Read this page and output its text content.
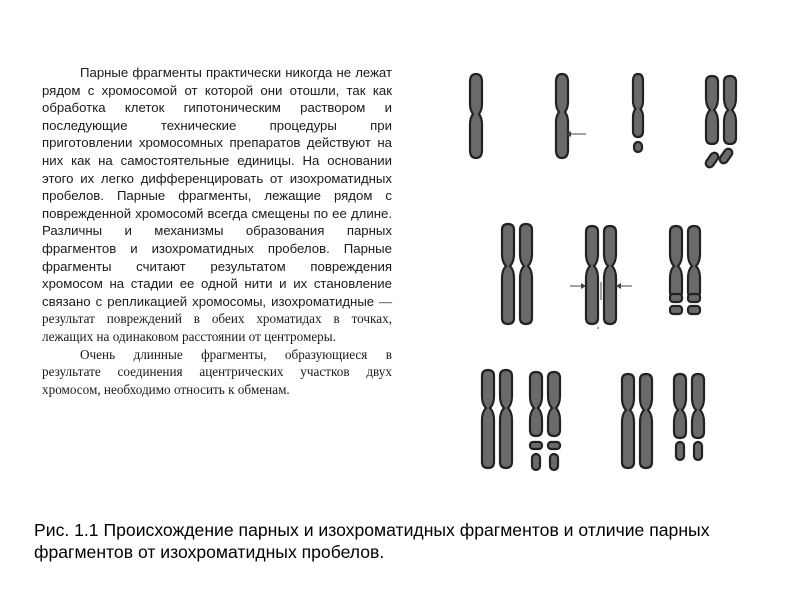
Парные фрагменты практически никогда не лежат рядом с хромосомой от которой они отошли, так как обработка клеток гипотоническим раствором и последующие технические процедуры при приготовлении хромосомных препаратов действуют на них как на самостоятельные единицы. На основании этого их легко дифференцировать от изохроматидных пробелов. Парные фрагменты, лежащие рядом с поврежденной хромосомй всегда смещены по ее длине. Различны и механизмы образования парных фрагментов и изохроматидных пробелов. Парные фрагменты считают результатом повреждения хромосом на стадии ее одной нити и их становление связано с репликацией хромосомы, изохроматидные — результат повреждений в обеих хроматидах в точках, лежащих на одинаковом расстоянии от центромеры.

Очень длинные фрагменты, образующиеся в результате соединения ацентрических участков двух хромосом, необходимо относить к обменам.

Рис. 1.1 Происхождение парных и изохроматидных фрагментов и отличие парных фрагментов от изохроматидных пробелов.
